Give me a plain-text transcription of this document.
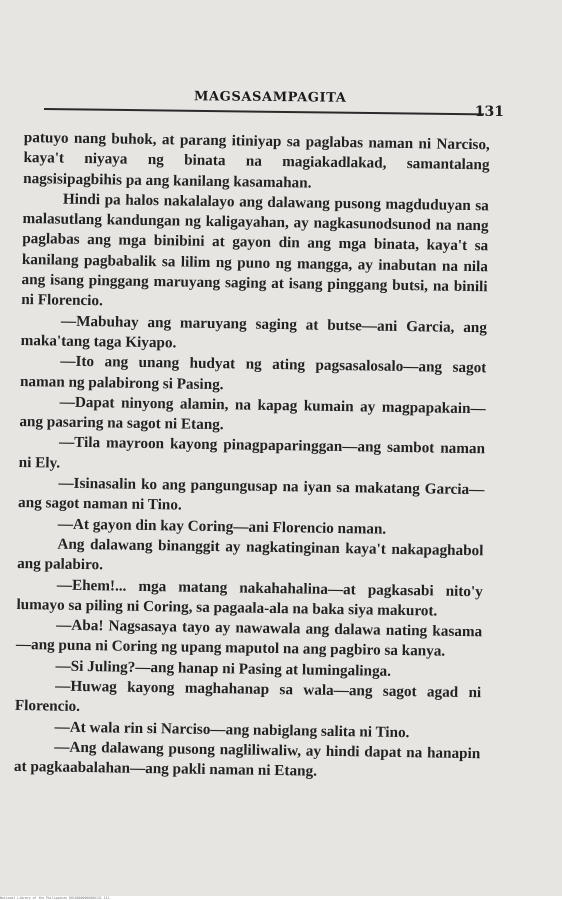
MAGSASAMPAGITA
131

patuyo nang buhok, at parang itiniyap sa paglabas naman ni Narciso, kaya't niyaya ng binata na magiakadlakad, samantalang nagsisipagbihis pa ang kanilang kasamahan.

Hindi pa halos nakalalayo ang dalawang pusong magduduyan sa malasutlang kandungan ng kaligayahan, ay nagkasunodsunod na nang paglabas ang mga binibini at gayon din ang mga binata, kaya't sa kanilang pagbabalik sa lilim ng puno ng mangga, ay inabutan na nila ang isang pinggang maruyang saging at isang pinggang butsi, na binili ni Florencio.

—Mabuhay ang maruyang saging at butse—ani Garcia, ang maka'tang taga Kiyapo.

—Ito ang unang hudyat ng ating pagsasalosalo—ang sagot naman ng palabirong si Pasing.

—Dapat ninyong alamin, na kapag kumain ay magpapakain—ang pasaring na sagot ni Etang.

—Tila mayroon kayong pinagpaparinggan—ang sambot naman ni Ely.

—Isinasalin ko ang pangungusap na iyan sa makatang Garcia—ang sagot naman ni Tino.

—At gayon din kay Coring—ani Florencio naman.

Ang dalawang binanggit ay nagkatinginan kaya't nakapaghabol ang palabiro.

—Ehem!... mga matang nakahahalina—at pagkasabi nito'y lumayo sa piling ni Coring, sa pagaala-ala na baka siya makurot.

—Aba! Nagsasaya tayo ay nawawala ang dalawa nating kasama—ang puna ni Coring ng upang maputol na ang pagbiro sa kanya.

—Si Juling?—ang hanap ni Pasing at lumingalinga.

—Huwag kayong maghahanap sa wala—ang sagot agad ni Florencio.

—At wala rin si Narciso—ang nabiglang salita ni Tino.

—Ang dalawang pusong nagliliwaliw, ay hindi dapat na hanapin at pagkaabalahan—ang pakli naman ni Etang.

National Library of the Philippines KH100000000000131 131
